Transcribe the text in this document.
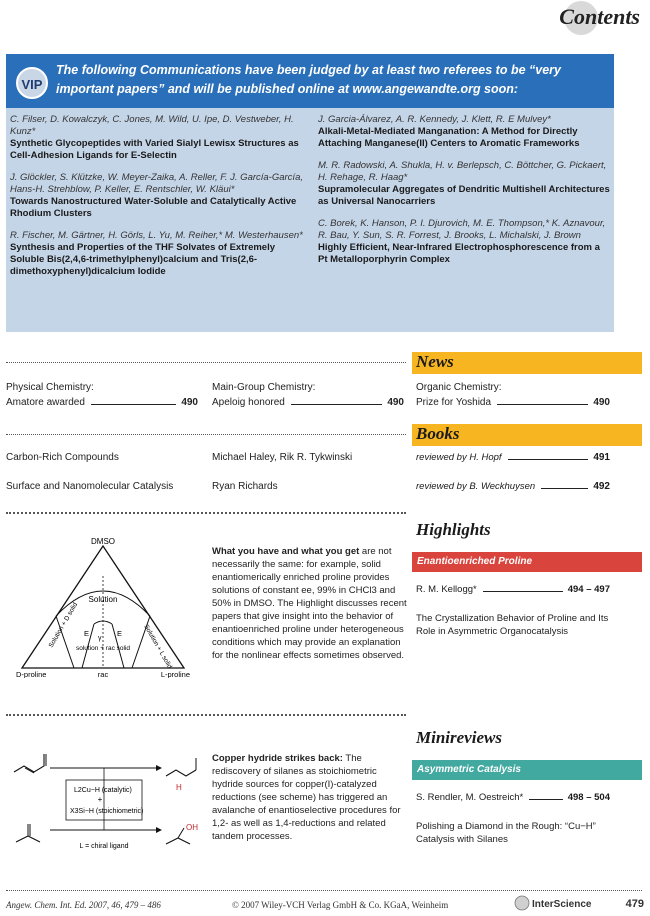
Contents
VIP
The following Communications have been judged by at least two referees to be “very important papers” and will be published online at www.angewandte.org soon:
C. Filser, D. Kowalczyk, C. Jones, M. Wild, U. Ipe, D. Vestweber, H. Kunz*
Synthetic Glycopeptides with Varied Sialyl Lewisx Structures as Cell-Adhesion Ligands for E-Selectin
J. Glöckler, S. Klützke, W. Meyer-Zaika, A. Reller, F. J. García-García, Hans-H. Strehblow, P. Keller, E. Rentschler, W. Kläui*
Towards Nanostructured Water-Soluble and Catalytically Active Rhodium Clusters
R. Fischer, M. Gärtner, H. Görls, L. Yu, M. Reiher,* M. Westerhausen*
Synthesis and Properties of the THF Solvates of Extremely Soluble Bis(2,4,6-trimethylphenyl)calcium and Tris(2,6-dimethoxyphenyl)dicalcium Iodide
J. Garcia-Álvarez, A. R. Kennedy, J. Klett, R. E Mulvey*
Alkali-Metal-Mediated Manganation: A Method for Directly Attaching Manganese(II) Centers to Aromatic Frameworks
M. R. Radowski, A. Shukla, H. v. Berlepsch, C. Böttcher, G. Pickaert, H. Rehage, R. Haag*
Supramolecular Aggregates of Dendritic Multishell Architectures as Universal Nanocarriers
C. Borek, K. Hanson, P. I. Djurovich, M. E. Thompson,* K. Aznavour, R. Bau, Y. Sun, S. R. Forrest, J. Brooks, L. Michalski, J. Brown
Highly Efficient, Near-Infrared Electrophosphorescence from a Pt Metalloporphyrin Complex
News
Physical Chemistry:
Amatore awarded	490
Main-Group Chemistry:
Apeloig honored	490
Organic Chemistry:
Prize for Yoshida	490
Books
Carbon-Rich Compounds	Michael Haley, Rik R. Tykwinski	reviewed by H. Hopf	491
Surface and Nanomolecular Catalysis	Ryan Richards	reviewed by B. Weckhuysen	492
Highlights
Enantioenriched Proline
R. M. Kellogg*	494 – 497
The Crystallization Behavior of Proline and Its Role in Asymmetric Organocatalysis
What you have and what you get are not necessarily the same: for example, solid enantiomerically enriched proline provides solutions of constant ee, 99% in CHCl3 and 50% in DMSO. The Highlight discusses recent papers that give insight into the behavior of enantioenriched proline under heterogeneous conditions which may provide an explanation for the nonlinear effects sometimes observed.
DMSO
Solution
E	E
γ
solution + rac solid
Solution + D solid	Solution + L solid
D-proline	rac	L-proline
Minireviews
Asymmetric Catalysis
S. Rendler, M. Oestreich*	498 – 504
Polishing a Diamond in the Rough: “Cu−H” Catalysis with Silanes
Copper hydride strikes back: The rediscovery of silanes as stoichiometric hydride sources for copper(I)-catalyzed reductions (see scheme) has triggered an avalanche of enantioselective procedures for 1,2- as well as 1,4-reductions and related tandem processes.
L2Cu−H (catalytic)
+
X3Si−H (stoichiometric)
L = chiral ligand
H
OH
Angew. Chem. Int. Ed. 2007, 46, 479 – 486	© 2007 Wiley-VCH Verlag GmbH & Co. KGaA, Weinheim	InterScience	479
